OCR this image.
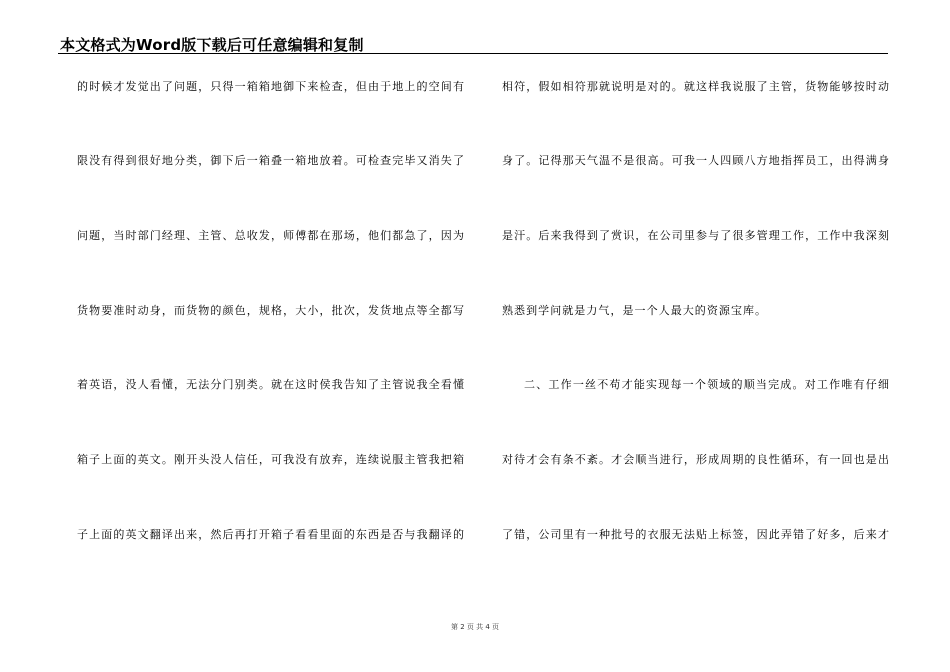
本文格式为Word版下载后可任意编辑和复制
的时候才发觉出了问题，只得一箱箱地御下来检查，但由于地上的空间有
限没有得到很好地分类，御下后一箱叠一箱地放着。可检查完毕又消失了
问题，当时部门经理、主管、总收发，师傅都在那场，他们都急了，因为
货物要准时动身，而货物的颜色，规格，大小，批次，发货地点等全都写
着英语，没人看懂，无法分门别类。就在这时侯我告知了主管说我全看懂
箱子上面的英文。刚开头没人信任，可我没有放弃，连续说服主管我把箱
子上面的英文翻译出来，然后再打开箱子看看里面的东西是否与我翻译的
相符，假如相符那就说明是对的。就这样我说服了主管，货物能够按时动
身了。记得那天气温不是很高。可我一人四顾八方地指挥员工，出得满身
是汗。后来我得到了赏识，在公司里参与了很多管理工作，工作中我深刻
熟悉到学问就是力气，是一个人最大的资源宝库。
二、工作一丝不苟才能实现每一个领域的顺当完成。对工作唯有仔细
对待才会有条不紊。才会顺当进行，形成周期的良性循环，有一回也是出
了错，公司里有一种批号的衣服无法贴上标签，因此弄错了好多，后来才
第 2 页 共 4 页
